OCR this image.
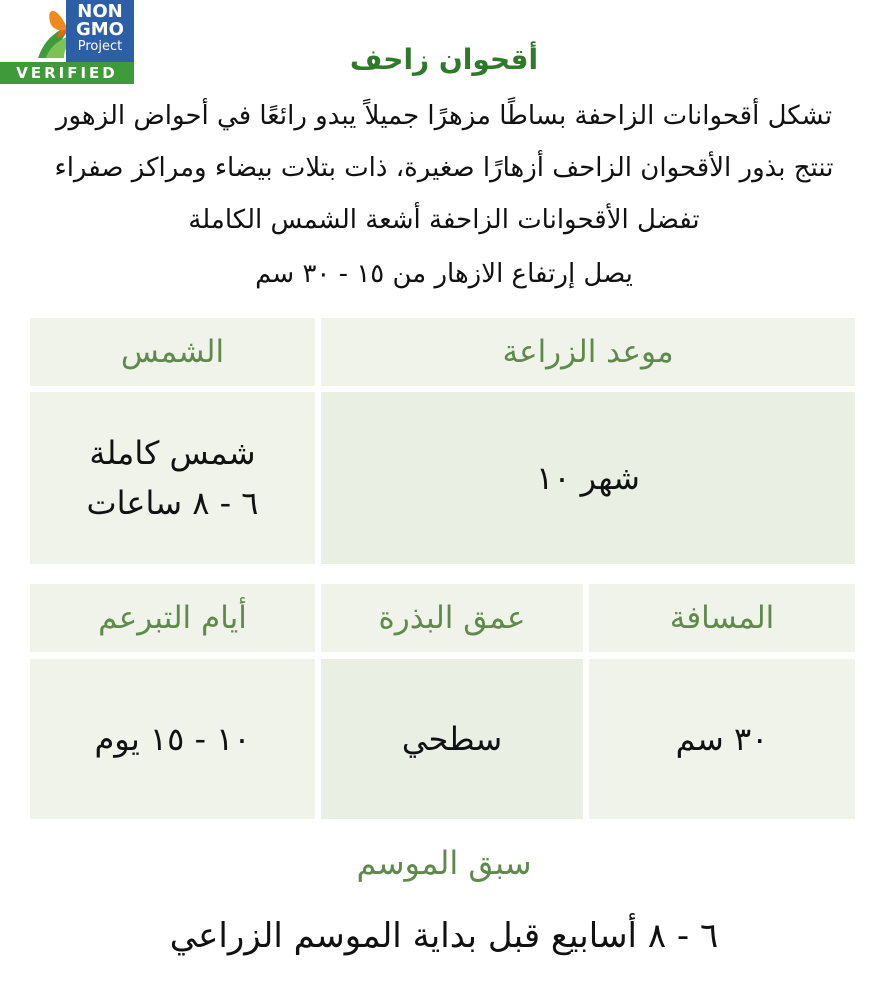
NON
GMO
Project
VERIFIED	أقحوان زاحف
تشكل أقحوانات الزاحفة بساطًا مزهرًا جميلاً يبدو رائعًا في أحواض الزهور
تنتج بذور الأقحوان الزاحف أزهارًا صغيرة، ذات بتلات بيضاء ومراكز صفراء
تفضل الأقحوانات الزاحفة أشعة الشمس الكاملة
يصل إرتفاع الازهار من ١٥ - ٣٠ سم
موعد الزراعة
الشمس
شهر ١٠
شمس كاملة
٦ - ٨ ساعات
المسافة
عمق البذرة
أيام التبرعم
٣٠ سم
سطحي
١٠ - ١٥ يوم
سبق الموسم
٦ - ٨ أسابيع قبل بداية الموسم الزراعي
